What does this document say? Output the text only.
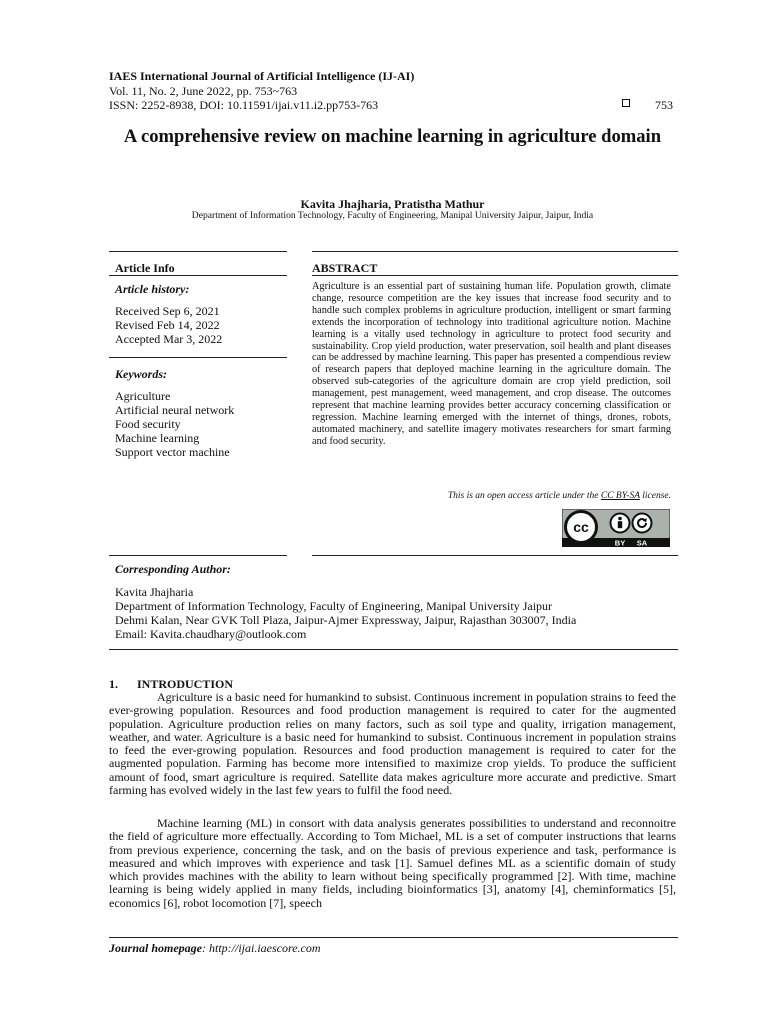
IAES International Journal of Artificial Intelligence (IJ-AI)
Vol. 11, No. 2, June 2022, pp. 753~763
ISSN: 2252-8938, DOI: 10.11591/ijai.v11.i2.pp753-763	753
A comprehensive review on machine learning in agriculture domain
Kavita Jhajharia, Pratistha Mathur
Department of Information Technology, Faculty of Engineering, Manipal University Jaipur, Jaipur, India
Article Info
Article history:
Received Sep 6, 2021
Revised Feb 14, 2022
Accepted Mar 3, 2022
Keywords:
Agriculture
Artificial neural network
Food security
Machine learning
Support vector machine
ABSTRACT
Agriculture is an essential part of sustaining human life. Population growth, climate change, resource competition are the key issues that increase food security and to handle such complex problems in agriculture production, intelligent or smart farming extends the incorporation of technology into traditional agriculture notion. Machine learning is a vitally used technology in agriculture to protect food security and sustainability. Crop yield production, water preservation, soil health and plant diseases can be addressed by machine learning. This paper has presented a compendious review of research papers that deployed machine learning in the agriculture domain. The observed sub-categories of the agriculture domain are crop yield prediction, soil management, pest management, weed management, and crop disease. The outcomes represent that machine learning provides better accuracy concerning classification or regression. Machine learning emerged with the internet of things, drones, robots, automated machinery, and satellite imagery motivates researchers for smart farming and food security.
This is an open access article under the CC BY-SA license.
cc
BY SA
Corresponding Author:
Kavita Jhajharia
Department of Information Technology, Faculty of Engineering, Manipal University Jaipur
Dehmi Kalan, Near GVK Toll Plaza, Jaipur-Ajmer Expressway, Jaipur, Rajasthan 303007, India
Email: Kavita.chaudhary@outlook.com
1. INTRODUCTION
Agriculture is a basic need for humankind to subsist. Continuous increment in population strains to feed the ever-growing population. Resources and food production management is required to cater for the augmented population. Agriculture production relies on many factors, such as soil type and quality, irrigation management, weather, and water. Agriculture is a basic need for humankind to subsist. Continuous increment in population strains to feed the ever-growing population. Resources and food production management is required to cater for the augmented population. Farming has become more intensified to maximize crop yields. To produce the sufficient amount of food, smart agriculture is required. Satellite data makes agriculture more accurate and predictive. Smart farming has evolved widely in the last few years to fulfil the food need.
Machine learning (ML) in consort with data analysis generates possibilities to understand and reconnoitre the field of agriculture more effectually. According to Tom Michael, ML is a set of computer instructions that learns from previous experience, concerning the task, and on the basis of previous experience and task, performance is measured and which improves with experience and task [1]. Samuel defines ML as a scientific domain of study which provides machines with the ability to learn without being specifically programmed [2]. With time, machine learning is being widely applied in many fields, including bioinformatics [3], anatomy [4], cheminformatics [5], economics [6], robot locomotion [7], speech
Journal homepage: http://ijai.iaescore.com
